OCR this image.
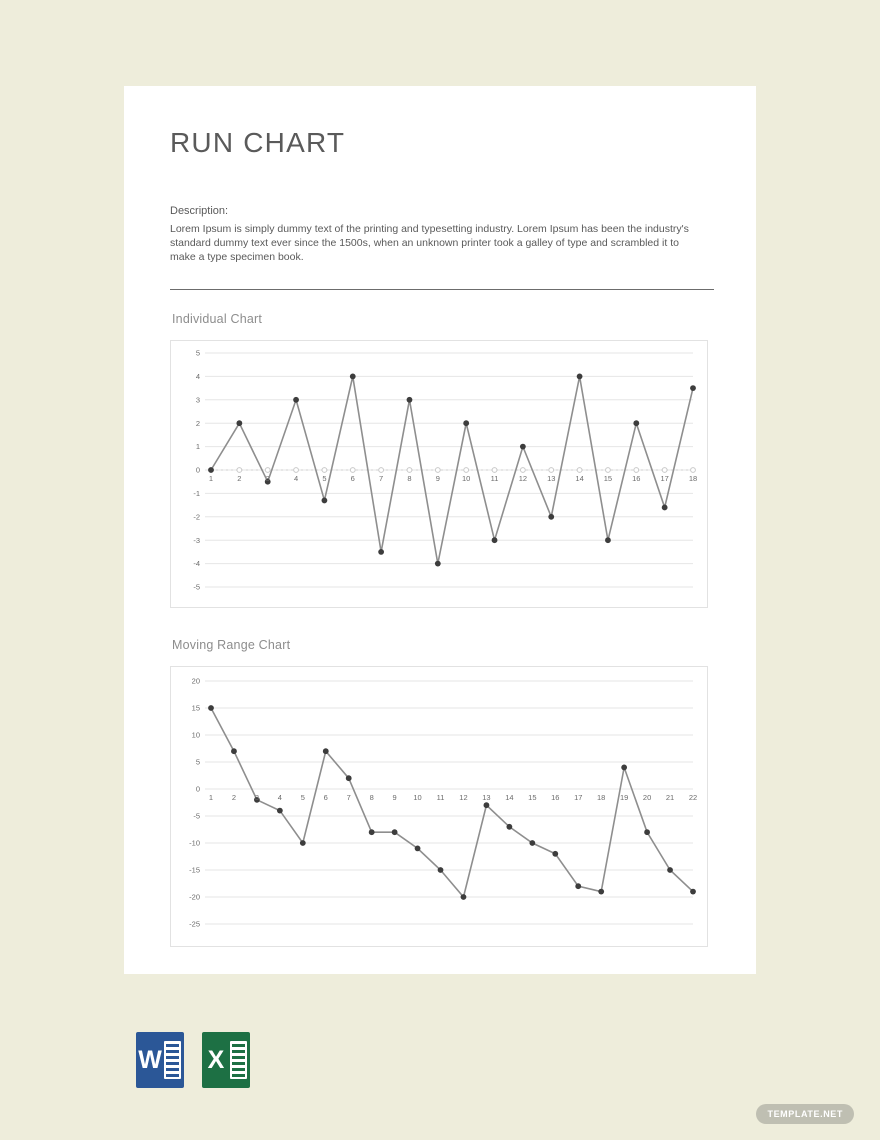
RUN CHART
Description:
Lorem Ipsum is simply dummy text of the printing and typesetting industry. Lorem Ipsum has been the industry's standard dummy text ever since the 1500s, when an unknown printer took a galley of type and scrambled it to make a type specimen book.
Individual Chart
5
4
3
2
1
0
-1
-2
-3
-4
-5
1	2	3	4	5	6	7	8	9	10	11	12	13	14	15	16	17	18
Moving Range Chart
20
15
10
5
0
-5
-10
-15
-20
-25
1	2	3	4	5	6	7	8	9 10 11 12 13 14 15 16 17 18 19 20 21 22
W X
TEMPLATE.NET
